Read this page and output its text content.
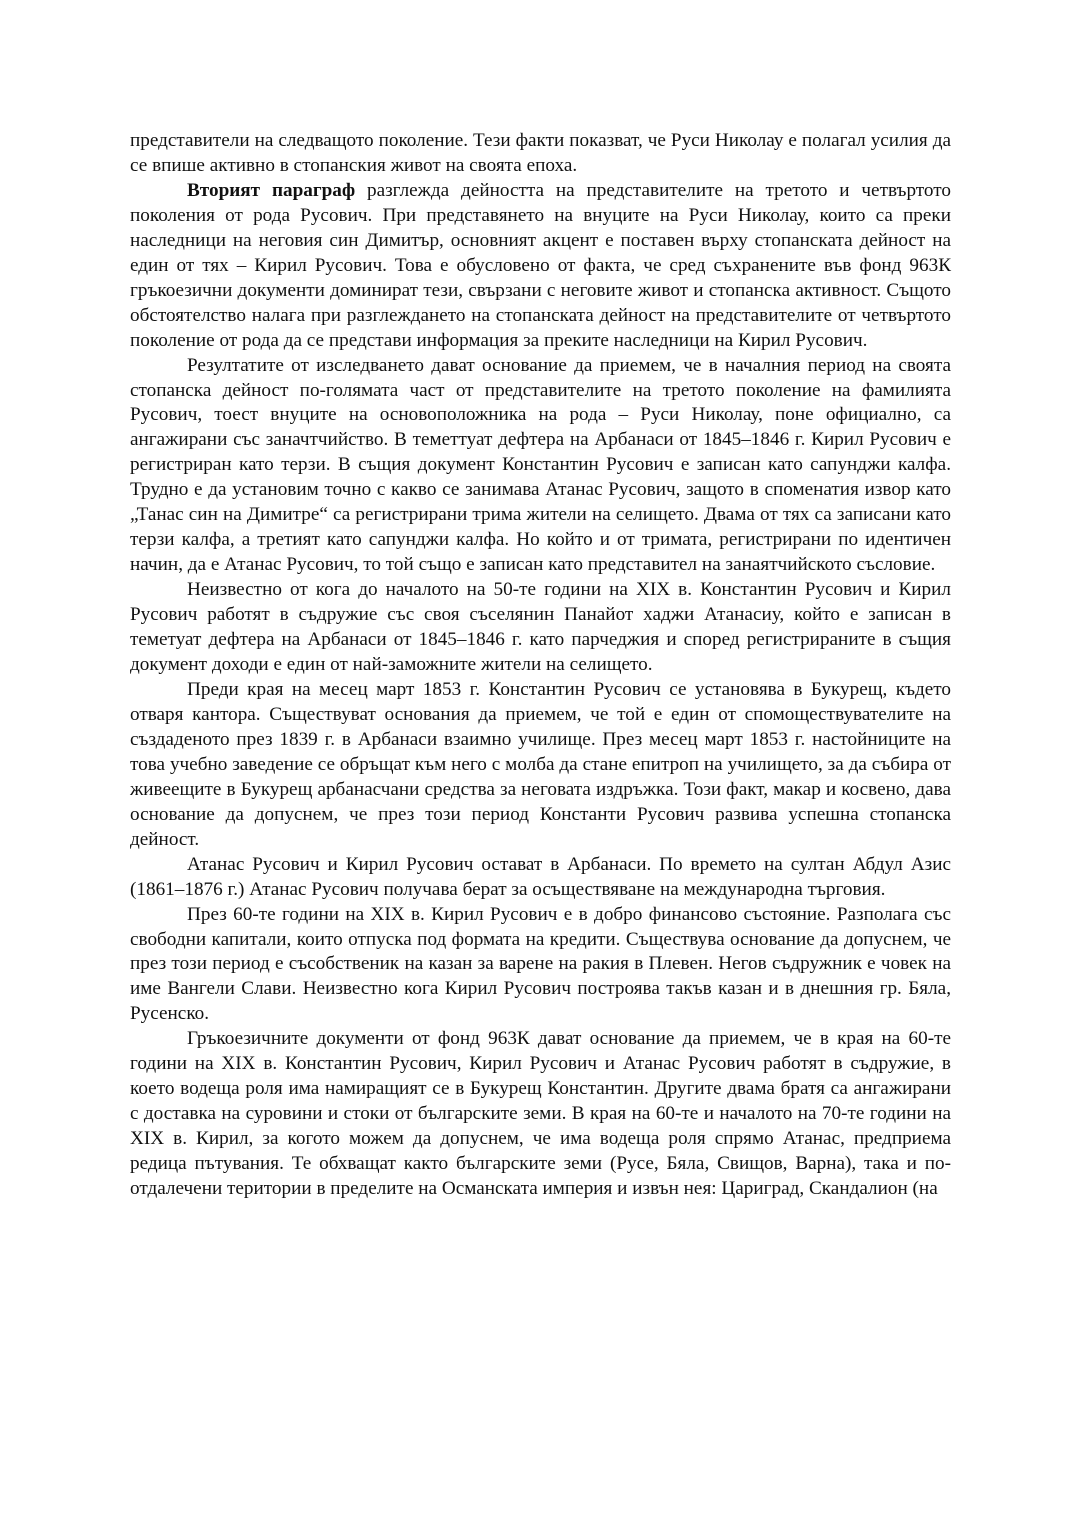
представители на следващото поколение. Тези факти показват, че Руси Николау е полагал усилия да се впише активно в стопанския живот на своята епоха.

Вторият параграф разглежда дейността на представителите на третото и четвъртото поколения от рода Русович. При представянето на внуците на Руси Николау, които са преки наследници на неговия син Димитър, основният акцент е поставен върху стопанската дейност на един от тях – Кирил Русович. Това е обусловено от факта, че сред съхранените във фонд 963К гръкоезични документи доминират тези, свързани с неговите живот и стопанска активност. Същото обстоятелство налага при разглеждането на стопанската дейност на представителите от четвъртото поколение от рода да се представи информация за преките наследници на Кирил Русович.

Резултатите от изследването дават основание да приемем, че в началния период на своята стопанска дейност по-голямата част от представителите на третото поколение на фамилията Русович, тоест внуците на основоположника на рода – Руси Николау, поне официално, са ангажирани със заначтчийство. В теметтуат дефтера на Арбанаси от 1845–1846 г. Кирил Русович е регистриран като терзи. В същия документ Константин Русович е записан като сапунджи калфа. Трудно е да установим точно с какво се занимава Атанас Русович, защото в споменатия извор като „Танас син на Димитре“ са регистрирани трима жители на селището. Двама от тях са записани като терзи калфа, а третият като сапунджи калфа. Но който и от тримата, регистрирани по идентичен начин, да е Атанас Русович, то той също е записан като представител на занаятчийското съсловие.

Неизвестно от кога до началото на 50-те години на XIX в. Константин Русович и Кирил Русович работят в съдружие със своя съселянин Панайот хаджи Атанасиу, който е записан в теметуат дефтера на Арбанаси от 1845–1846 г. като парчеджия и според регистрираните в същия документ доходи е един от най-заможните жители на селището.

Преди края на месец март 1853 г. Константин Русович се установява в Букурещ, където отваря кантора. Съществуват основания да приемем, че той е един от спомоществувателите на създаденото през 1839 г. в Арбанаси взаимно училище. През месец март 1853 г. настойниците на това учебно заведение се обръщат към него с молба да стане епитроп на училището, за да събира от живеещите в Букурещ арбанасчани средства за неговата издръжка. Този факт, макар и косвено, дава основание да допуснем, че през този период Константи Русович развива успешна стопанска дейност.

Атанас Русович и Кирил Русович остават в Арбанаси. По времето на султан Абдул Азис (1861–1876 г.) Атанас Русович получава берат за осъществяване на международна търговия.

През 60-те години на XIX в. Кирил Русович е в добро финансово състояние. Разполага със свободни капитали, които отпуска под формата на кредити. Съществува основание да допуснем, че през този период е съсобственик на казан за варене на ракия в Плевен. Негов съдружник е човек на име Вангели Слави. Неизвестно кога Кирил Русович построява такъв казан и в днешния гр. Бяла, Русенско.

Гръкоезичните документи от фонд 963К дават основание да приемем, че в края на 60-те години на XIX в. Константин Русович, Кирил Русович и Атанас Русович работят в съдружие, в което водеща роля има намиращият се в Букурещ Константин. Другите двама братя са ангажирани с доставка на суровини и стоки от българските земи. В края на 60-те и началото на 70-те години на XIX в. Кирил, за когото можем да допуснем, че има водеща роля спрямо Атанас, предприема редица пътувания. Те обхващат както българските земи (Русе, Бяла, Свищов, Варна), така и по-отдалечени територии в пределите на Османската империя и извън нея: Цариград, Скандалион (на
